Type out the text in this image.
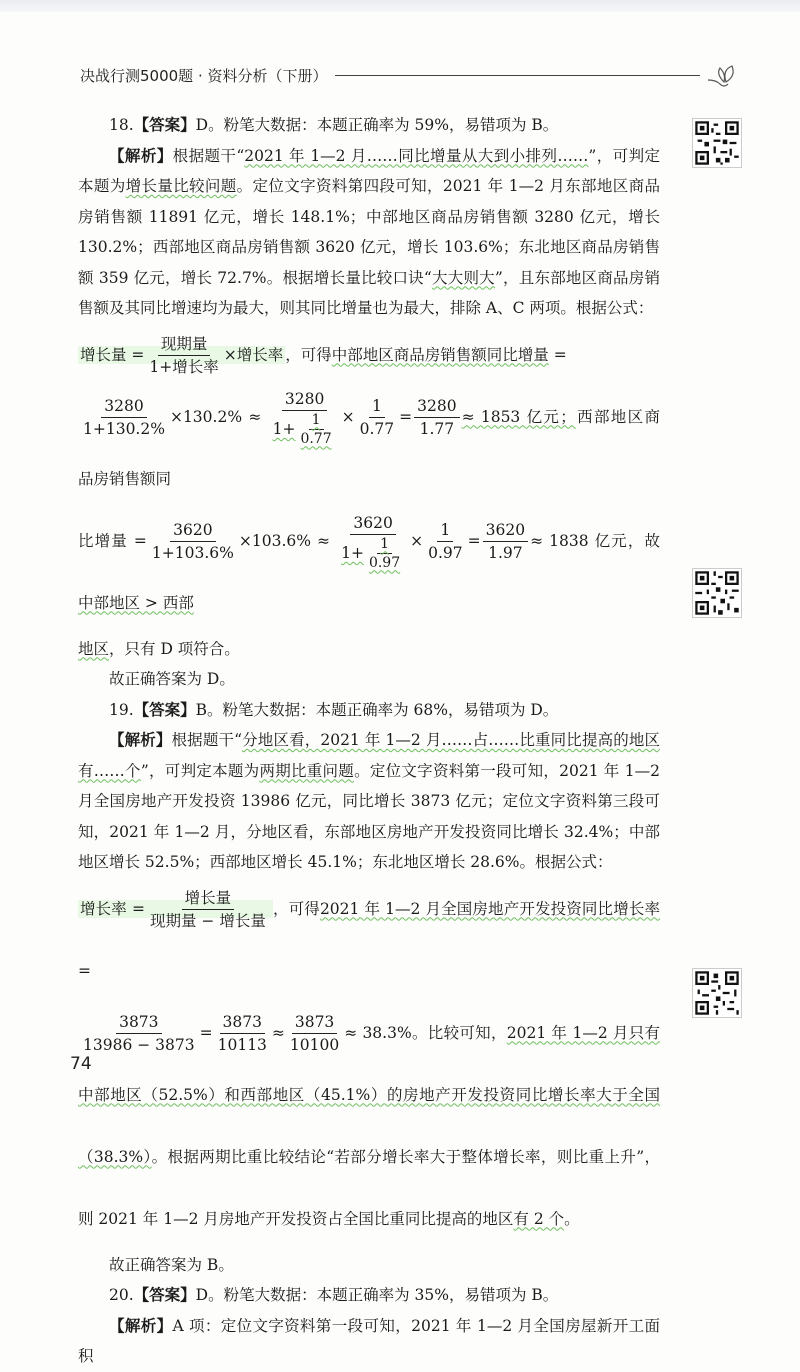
决战行测5000题 · 资料分析（下册）

18.【答案】D。粉笔大数据：本题正确率为 59%，易错项为 B。

【解析】根据题干“2021 年 1—2 月……同比增量从大到小排列……”，可判定本题为增长量比较问题。定位文字资料第四段可知，2021 年 1—2 月东部地区商品房销售额 11891 亿元，增长 148.1%；中部地区商品房销售额 3280 亿元，增长 130.2%；西部地区商品房销售额 3620 亿元，增长 103.6%；东北地区商品房销售额 359 亿元，增长 72.7%。根据增长量比较口诀“大大则大”，且东部地区商品房销售额及其同比增速均为最大，则其同比增量也为最大，排除 A、C 两项。根据公式：

增长量 = $\frac{\text{现期量}}{\text{1+增长率}}$ ×增长率 ，可得中部地区商品房销售额同比增量 =

$\frac{3280}{1+130.2\%} \times 130.2\% \approx \frac{3280}{1+ \frac{1}{0.77}} \times \frac{1}{0.77} = \frac{3280}{1.77} \approx 1853$ 亿元；西部地区商品房销售额同

比增量 = $\frac{3620}{1+103.6\%} \times 103.6\% \approx \frac{3620}{1+ \frac{1}{0.97}} \times \frac{1}{0.97} = \frac{3620}{1.97} \approx 1838$ 亿元，故中部地区 > 西部

地区，只有 D 项符合。

故正确答案为 D。

19.【答案】B。粉笔大数据：本题正确率为 68%，易错项为 D。

【解析】根据题干“分地区看，2021 年 1—2 月……占……比重同比提高的地区有……个”，可判定本题为两期比重问题。定位文字资料第一段可知，2021 年 1—2 月全国房地产开发投资 13986 亿元，同比增长 3873 亿元；定位文字资料第三段可知，2021 年 1—2 月，分地区看，东部地区房地产开发投资同比增长 32.4%；中部地区增长 52.5%；西部地区增长 45.1%；东北地区增长 28.6%。根据公式：

增长率 = $\frac{\text{增长量}}{\text{现期量 − 增长量}}$ ，可得2021 年 1—2 月全国房地产开发投资同比增长率 =

$\frac{3873}{13986 - 3873} = \frac{3873}{10113} \approx \frac{3873}{10100} \approx 38.3\%$。比较可知，2021 年 1—2 月只有中部地区（52.5%）和西部地区（45.1%）的房地产开发投资同比增长率大于全国（38.3%）。根据两期比重比较结论“若部分增长率大于整体增长率，则比重上升”，则 2021 年 1—2 月房地产开发投资占全国比重同比提高的地区有 2 个。

故正确答案为 B。

20.【答案】D。粉笔大数据：本题正确率为 35%，易错项为 B。

【解析】A 项：定位文字资料第一段可知，2021 年 1—2 月全国房屋新开工面积

74
